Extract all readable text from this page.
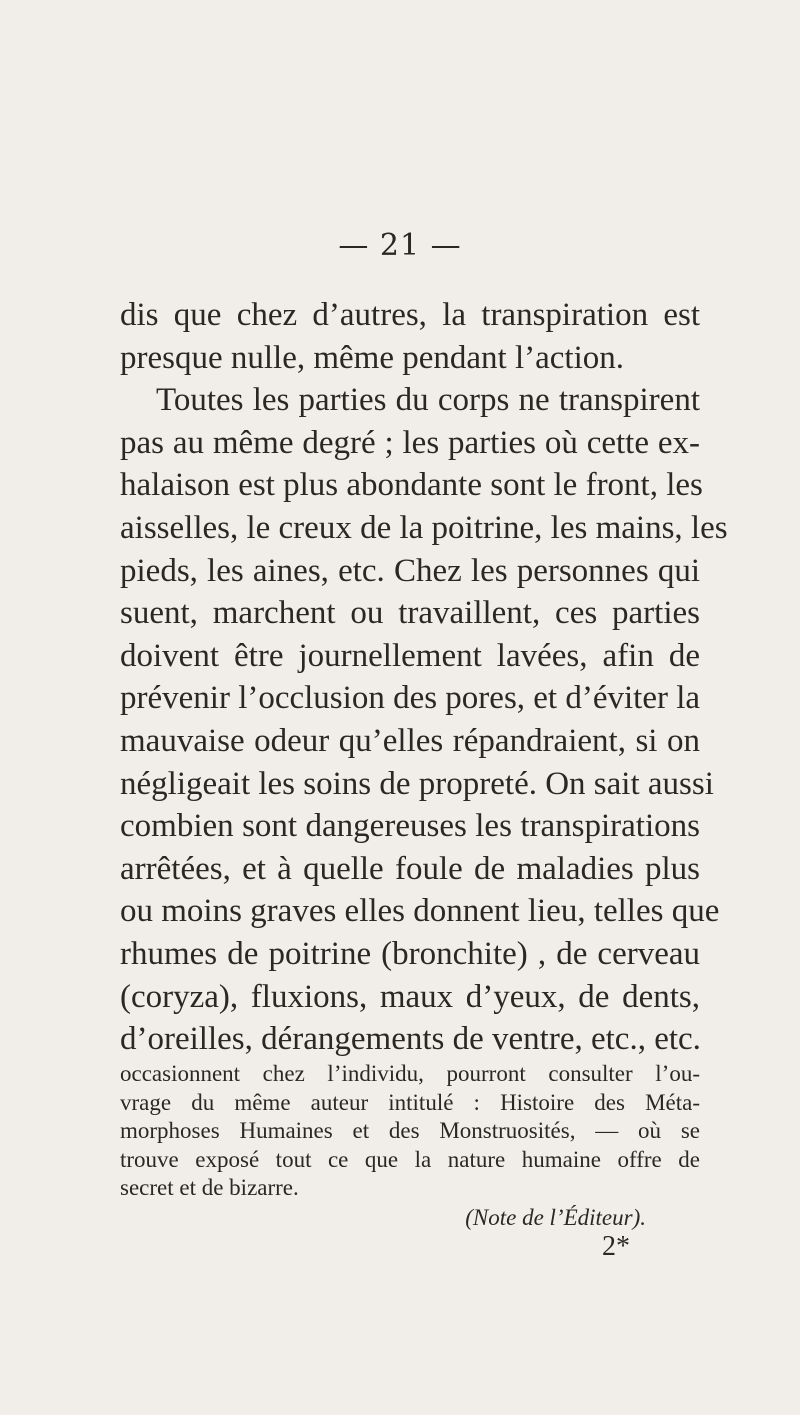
— 21 —
dis que chez d’autres, la transpiration est
presque nulle, même pendant l’action.
Toutes les parties du corps ne transpirent
pas au même degré ; les parties où cette ex-
halaison est plus abondante sont le front, les
aisselles, le creux de la poitrine, les mains, les
pieds, les aines, etc. Chez les personnes qui
suent, marchent ou travaillent, ces parties
doivent être journellement lavées, afin de
prévenir l’occlusion des pores, et d’éviter la
mauvaise odeur qu’elles répandraient, si on
négligeait les soins de propreté. On sait aussi
combien sont dangereuses les transpirations
arrêtées, et à quelle foule de maladies plus
ou moins graves elles donnent lieu, telles que
rhumes de poitrine (bronchite) , de cerveau
(coryza), fluxions, maux d’yeux, de dents,
d’oreilles, dérangements de ventre, etc., etc.
occasionnent chez l’individu, pourront consulter l’ou-
vrage du même auteur intitulé : Histoire des Méta-
morphoses Humaines et des Monstruosités, — où se
trouve exposé tout ce que la nature humaine offre de
secret et de bizarre.
(Note de l’Éditeur).
2*
